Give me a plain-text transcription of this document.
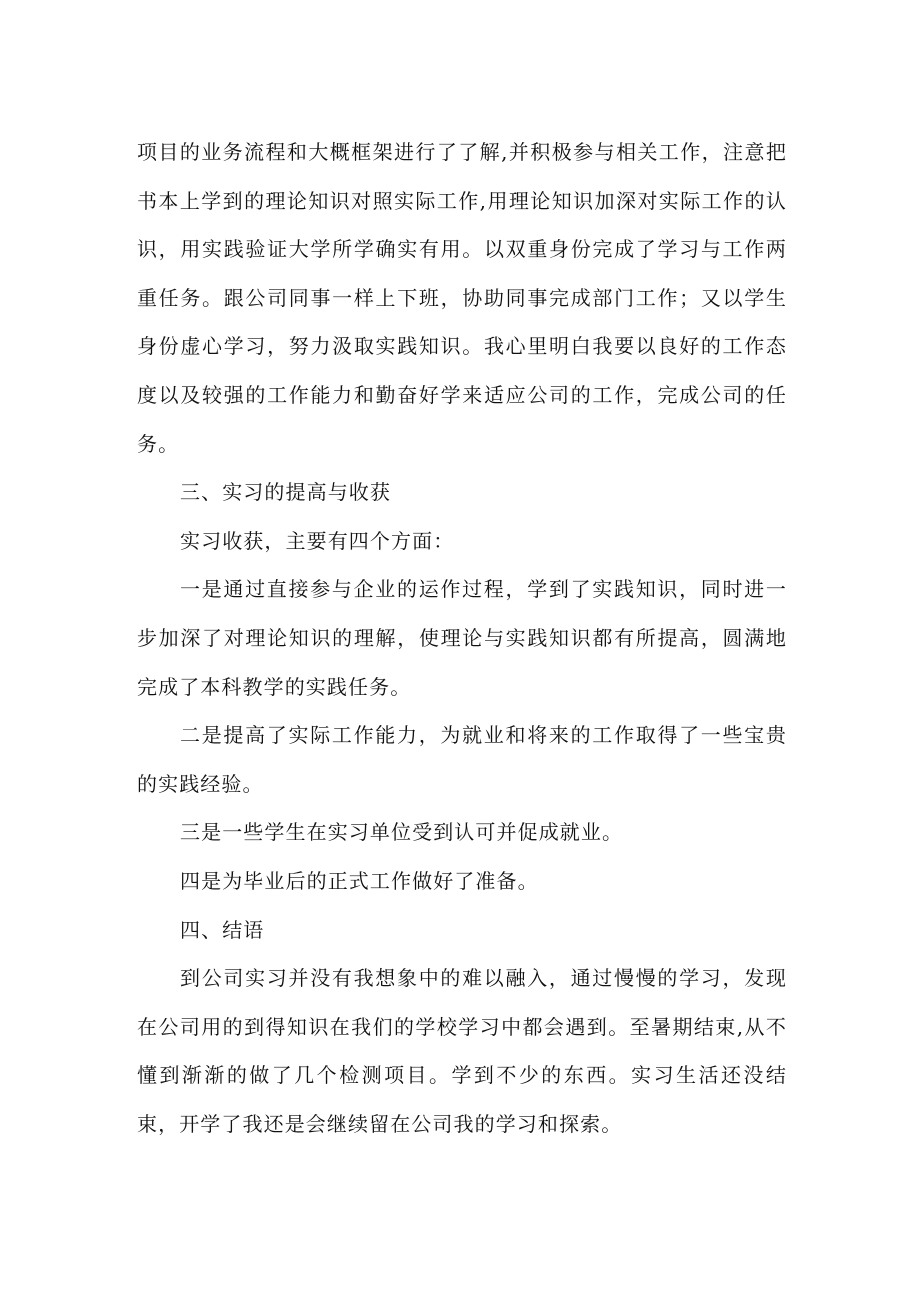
项目的业务流程和大概框架进行了了解,并积极参与相关工作，注意把书本上学到的理论知识对照实际工作,用理论知识加深对实际工作的认识，用实践验证大学所学确实有用。以双重身份完成了学习与工作两重任务。跟公司同事一样上下班，协助同事完成部门工作；又以学生身份虚心学习，努力汲取实践知识。我心里明白我要以良好的工作态度以及较强的工作能力和勤奋好学来适应公司的工作，完成公司的任务。

三、实习的提高与收获

实习收获，主要有四个方面：

一是通过直接参与企业的运作过程，学到了实践知识，同时进一步加深了对理论知识的理解，使理论与实践知识都有所提高，圆满地完成了本科教学的实践任务。

二是提高了实际工作能力，为就业和将来的工作取得了一些宝贵的实践经验。

三是一些学生在实习单位受到认可并促成就业。

四是为毕业后的正式工作做好了准备。

四、结语

到公司实习并没有我想象中的难以融入，通过慢慢的学习，发现在公司用的到得知识在我们的学校学习中都会遇到。至暑期结束,从不懂到渐渐的做了几个检测项目。学到不少的东西。实习生活还没结束，开学了我还是会继续留在公司我的学习和探索。
